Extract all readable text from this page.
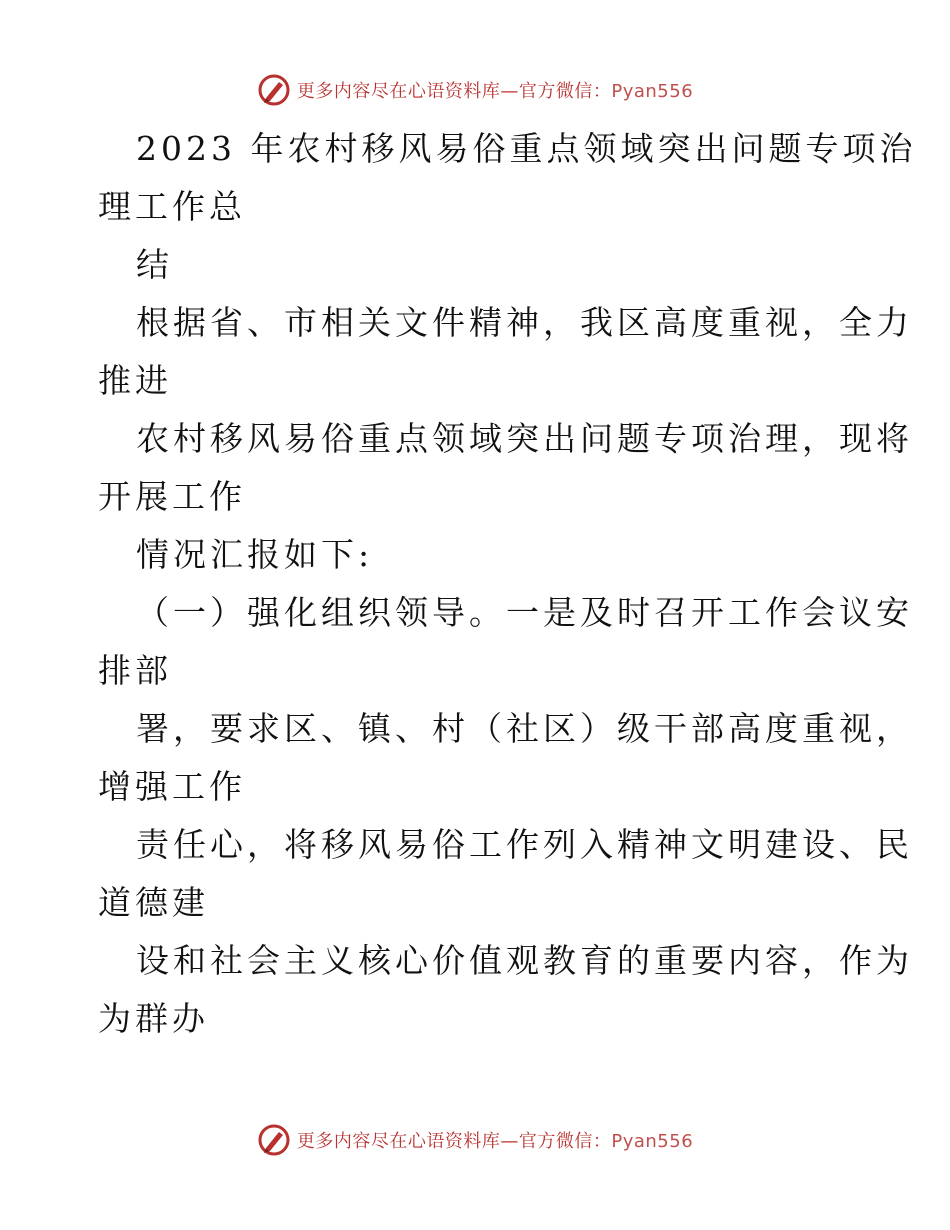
更多内容尽在心语资料库—官方微信：Pyan556
2023 年农村移风易俗重点领域突出问题专项治
理工作总
结
根据省、市相关文件精神，我区高度重视，全力
推进
农村移风易俗重点领域突出问题专项治理，现将
开展工作
情况汇报如下:
（一）强化组织领导。一是及时召开工作会议安
排部
署，要求区、镇、村（社区）级干部高度重视，
增强工作
责任心，将移风易俗工作列入精神文明建设、民
道德建
设和社会主义核心价值观教育的重要内容，作为
为群办
更多内容尽在心语资料库—官方微信：Pyan556
